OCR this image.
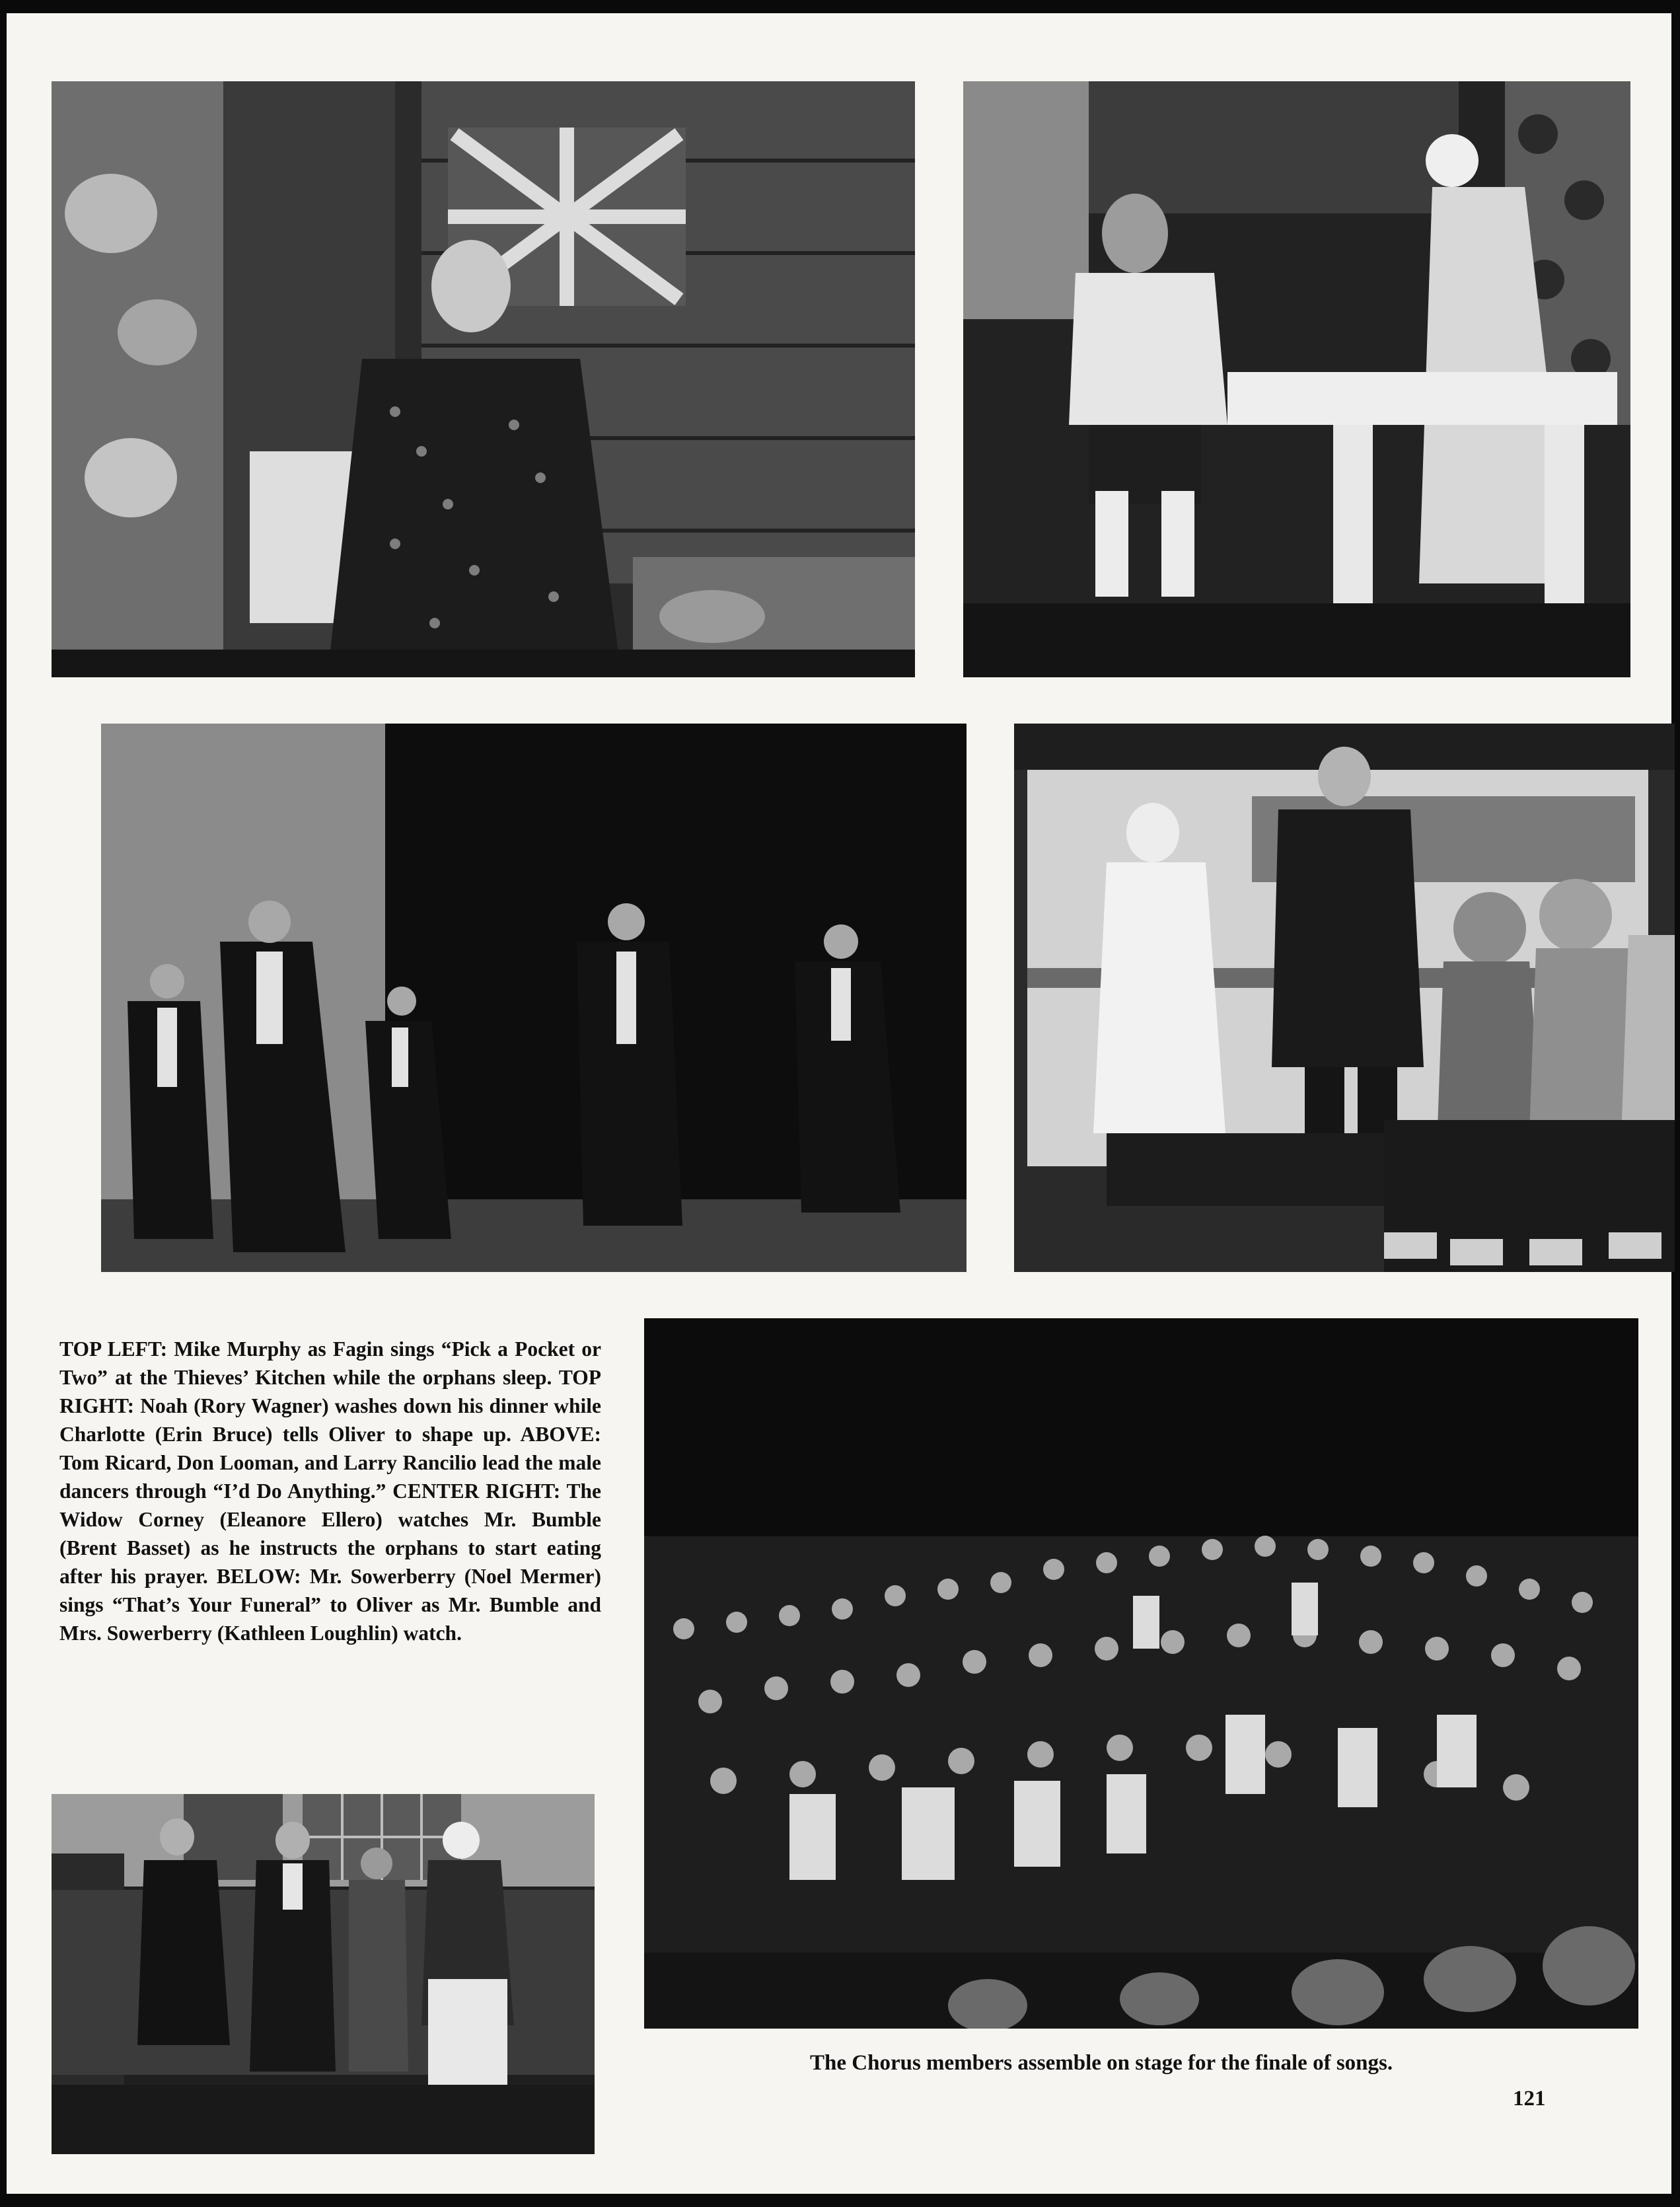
TOP LEFT: Mike Murphy as Fagin sings “Pick a Pocket or Two” at the Thieves’ Kitchen while the orphans sleep. TOP RIGHT: Noah (Rory Wagner) washes down his dinner while Charlotte (Erin Bruce) tells Oliver to shape up. ABOVE: Tom Ricard, Don Looman, and Larry Rancilio lead the male dancers through “I’d Do Anything.” CENTER RIGHT: The Widow Corney (Eleanore Ellero) watches Mr. Bumble (Brent Basset) as he instructs the orphans to start eating after his prayer. BELOW: Mr. Sowerberry (Noel Mermer) sings “That’s Your Funeral” to Oliver as Mr. Bumble and Mrs. Sowerberry (Kathleen Loughlin) watch.
The Chorus members assemble on stage for the finale of songs.
121
